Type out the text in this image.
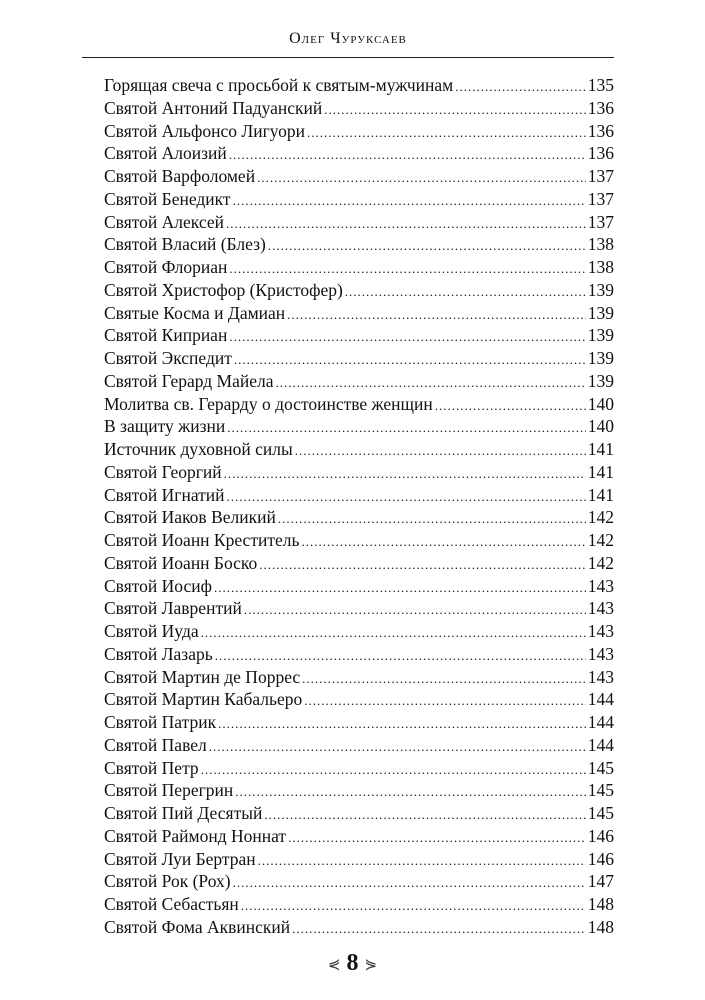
Олег Чуруксаев
Горящая свеча с просьбой к святым-мужчинам .....	135
Святой Антоний Падуанский .....	136
Святой Альфонсо Лигуори .....	136
Святой Алоизий .....	136
Святой Варфоломей .....	137
Святой Бенедикт .....	137
Святой Алексей .....	137
Святой Власий (Блез) .....	138
Святой Флориан .....	138
Святой Христофор (Кристофер) .....	139
Святые Косма и Дамиан .....	139
Святой Киприан .....	139
Святой Экспедит .....	139
Святой Герард Майела .....	139
Молитва св. Герарду о достоинстве женщин .....	140
В защиту жизни .....	140
Источник духовной силы .....	141
Святой Георгий .....	141
Святой Игнатий .....	141
Святой Иаков Великий .....	142
Святой Иоанн Креститель .....	142
Святой Иоанн Боско .....	142
Святой Иосиф .....	143
Святой Лаврентий .....	143
Святой Иуда .....	143
Святой Лазарь .....	143
Святой Мартин де Поррес .....	143
Святой Мартин Кабальеро .....	144
Святой Патрик .....	144
Святой Павел .....	144
Святой Петр .....	145
Святой Перегрин .....	145
Святой Пий Десятый .....	145
Святой Раймонд Ноннат .....	146
Святой Луи Бертран .....	146
Святой Рок (Рох) .....	147
Святой Себастьян .....	148
Святой Фома Аквинский .....	148
⋞ 8 ⋟
